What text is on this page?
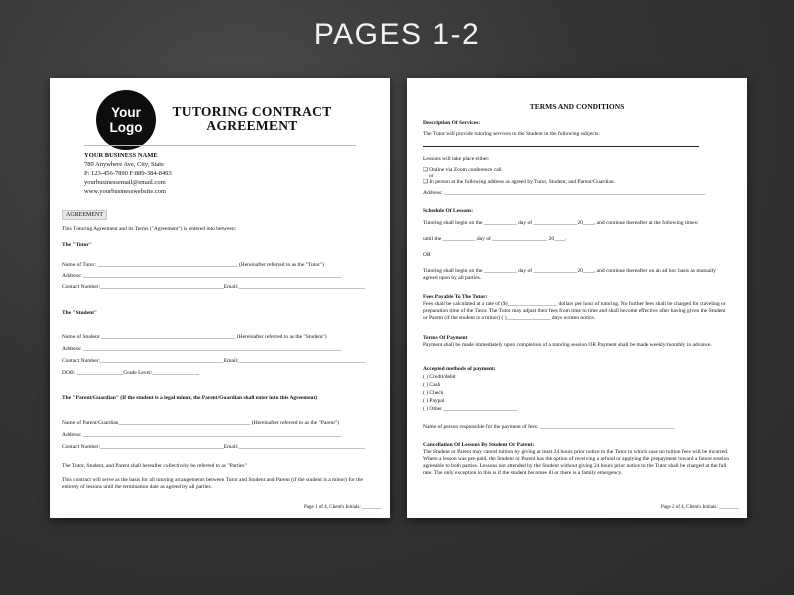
PAGES 1-2
Your
Logo
TUTORING CONTRACT
AGREEMENT
YOUR BUSINESS NAME
789 Anywhere Ave, City, State
P: 123-456-7890 F:889-384-8493
yourbusinessemail@email.com
www.yourbusinesswebsite.com
AGREEMENT
This Tutoring Agreement and its Terms ("Agreement") is entered into between:
The "Tutor"
Name of Tutor: ___________________________________________________ (Hereinafter referred to as the "Tutor")
Address: ______________________________________________________________________________________________
Contact Number:_____________________________________________Email:______________________________________________
The "Student"
Name of Student _________________________________________________ (Hereinafter referred to as the "Student")
Address: ______________________________________________________________________________________________
Contact Number:_____________________________________________Email:______________________________________________
DOB: _________________Grade Level:_________________
The "Parent/Guardian" (If the student is a legal minor, the Parent/Guardian shall enter into this Agreement)
Name of Parent/Guardian________________________________________________ (Hereinafter referred to as the "Parent")
Address: ______________________________________________________________________________________________
Contact Number:_____________________________________________Email:______________________________________________
The Tutor, Student, and Parent shall hereafter collectively be referred to as "Parties"
This contract will serve as the basis for all tutoring arrangements between Tutor and Student and Parent (if the student is a minor) for the entirety of lessons until the termination date as agreed by all parties.
Page 1 of 4, Client's Initials: ________
TERMS AND CONDITIONS
Description Of Services:
The Tutor will provide tutoring services to the Student in the following subjects:
Lessons will take place either:
❑ Online via Zoom conference call
or
❑ In person at the following address as agreed by Tutor, Student, and Parent/Guardian.
Address: _______________________________________________________________________________________________
Schedule Of Lessons:
Tutoring shall begin on the ____________ day of ________________20____, and continue thereafter at the following times:
until the ____________ day of ____________________ 20____.
OR
Tutoring shall begin on the ____________ day of ________________20____, and continue thereafter on an ad hoc basis as mutually agreed upon by all parties.
Fees Payable To The Tutor:
Fees shall be calculated at a rate of ($)__________________ dollars per hour of tutoring. No further fees shall be charged for traveling or preparation time of the Tutor. The Tutor may adjust their fees from time to time and shall become effective after having given the Student or Parent (if the student is a minor) ( )________________ days written notice.
Terms Of Payment
Payment shall be made immediately upon completion of a tutoring session OR Payment shall be made weekly/monthly in advance.
Accepted methods of payment:
( ) Credit/debit
( ) Cash
( ) Check
( ) Paypal
( ) Other ___________________________
Name of person responsible for the payment of fees: _________________________________________________
Cancellation Of Lessons By Student Or Parent:
The Student or Parent may cancel tuition by giving at least 24 hours prior notice to the Tutor in which case no tuition fees will be incurred. Where a lesson was pre-paid, the Student or Parent has the option of receiving a refund or applying the prepayment toward a future session agreeable to both parties. Lessons not attended by the Student without giving 24 hours prior notice to the Tutor shall be charged at the full rate. The only exception to this is if the student becomes ill or there is a family emergency.
Page 2 of 4, Client's Initials: ________
